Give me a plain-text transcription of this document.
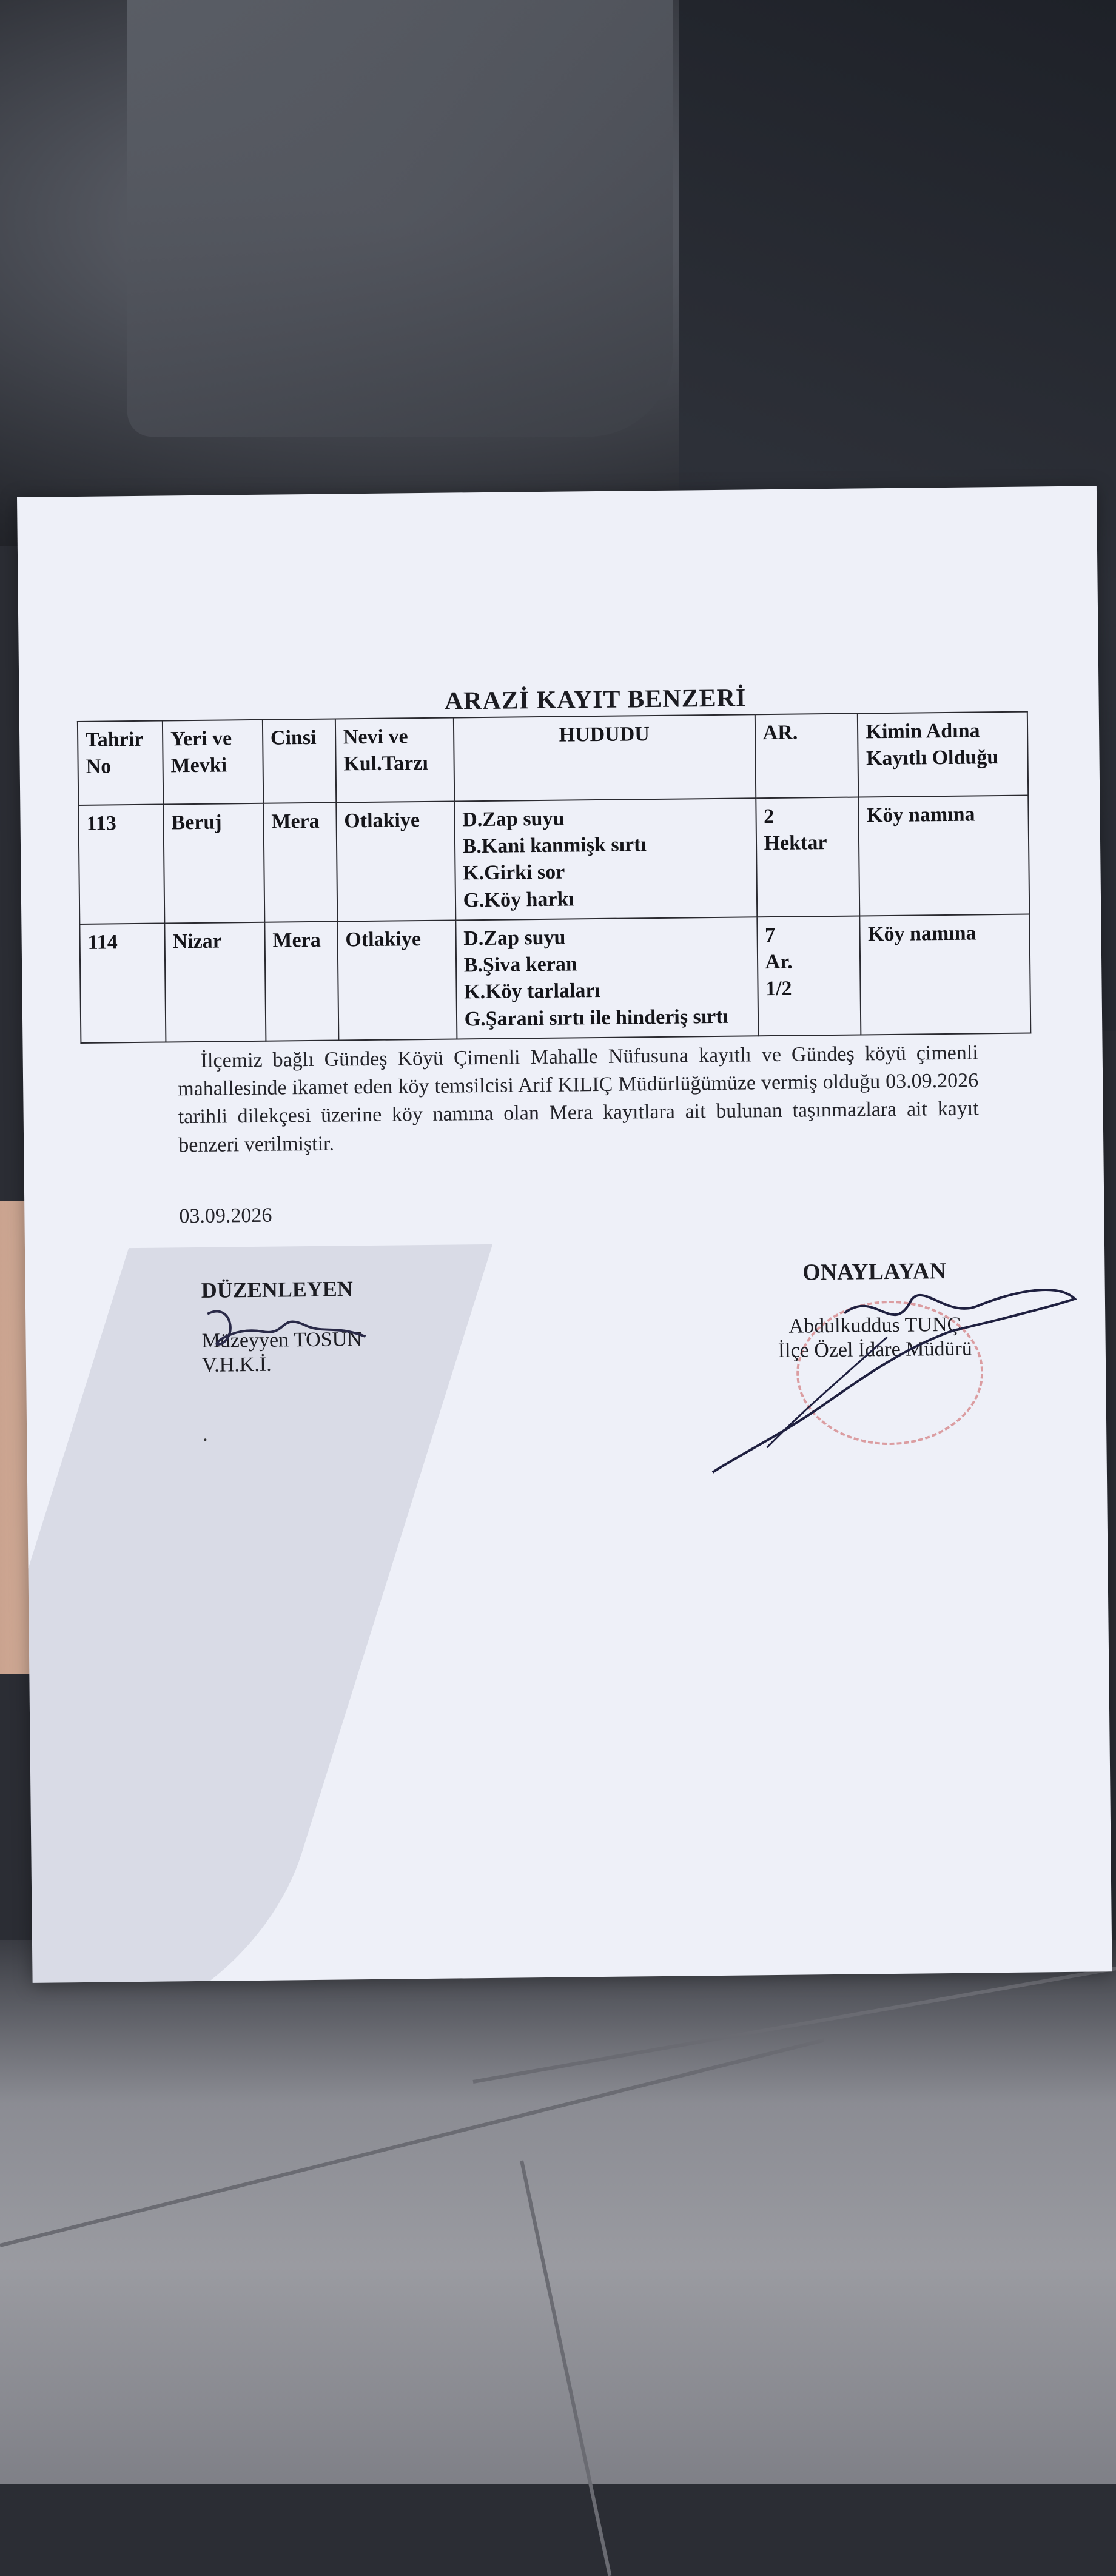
ARAZİ KAYIT BENZERİ
Tahrir No	Yeri ve Mevki	Cinsi	Nevi ve Kul.Tarzı	HUDUDU	AR.	Kimin Adına Kayıtlı Olduğu
113	Beruj	Mera	Otlakiye	D.Zap suyu
B.Kani kanmişk sırtı
K.Girki sor
G.Köy harkı	2
Hektar	Köy namına
114	Nizar	Mera	Otlakiye	D.Zap suyu
B.Şiva keran
K.Köy tarlaları
G.Şarani sırtı ile hinderiş sırtı	7
Ar.
1/2	Köy namına
İlçemiz bağlı Gündeş Köyü Çimenli Mahalle Nüfusuna kayıtlı ve Gündeş köyü çimenli mahallesinde ikamet eden köy temsilcisi Arif KILIÇ Müdürlüğümüze vermiş olduğu 03.09.2026 tarihli dilekçesi üzerine köy namına olan Mera kayıtlara ait bulunan taşınmazlara ait kayıt benzeri verilmiştir.
03.09.2026
DÜZENLEYEN
Müzeyyen TOSUN
V.H.K.İ.
ONAYLAYAN
Abdulkuddus TUNÇ
İlçe Özel İdare Müdürü
.
